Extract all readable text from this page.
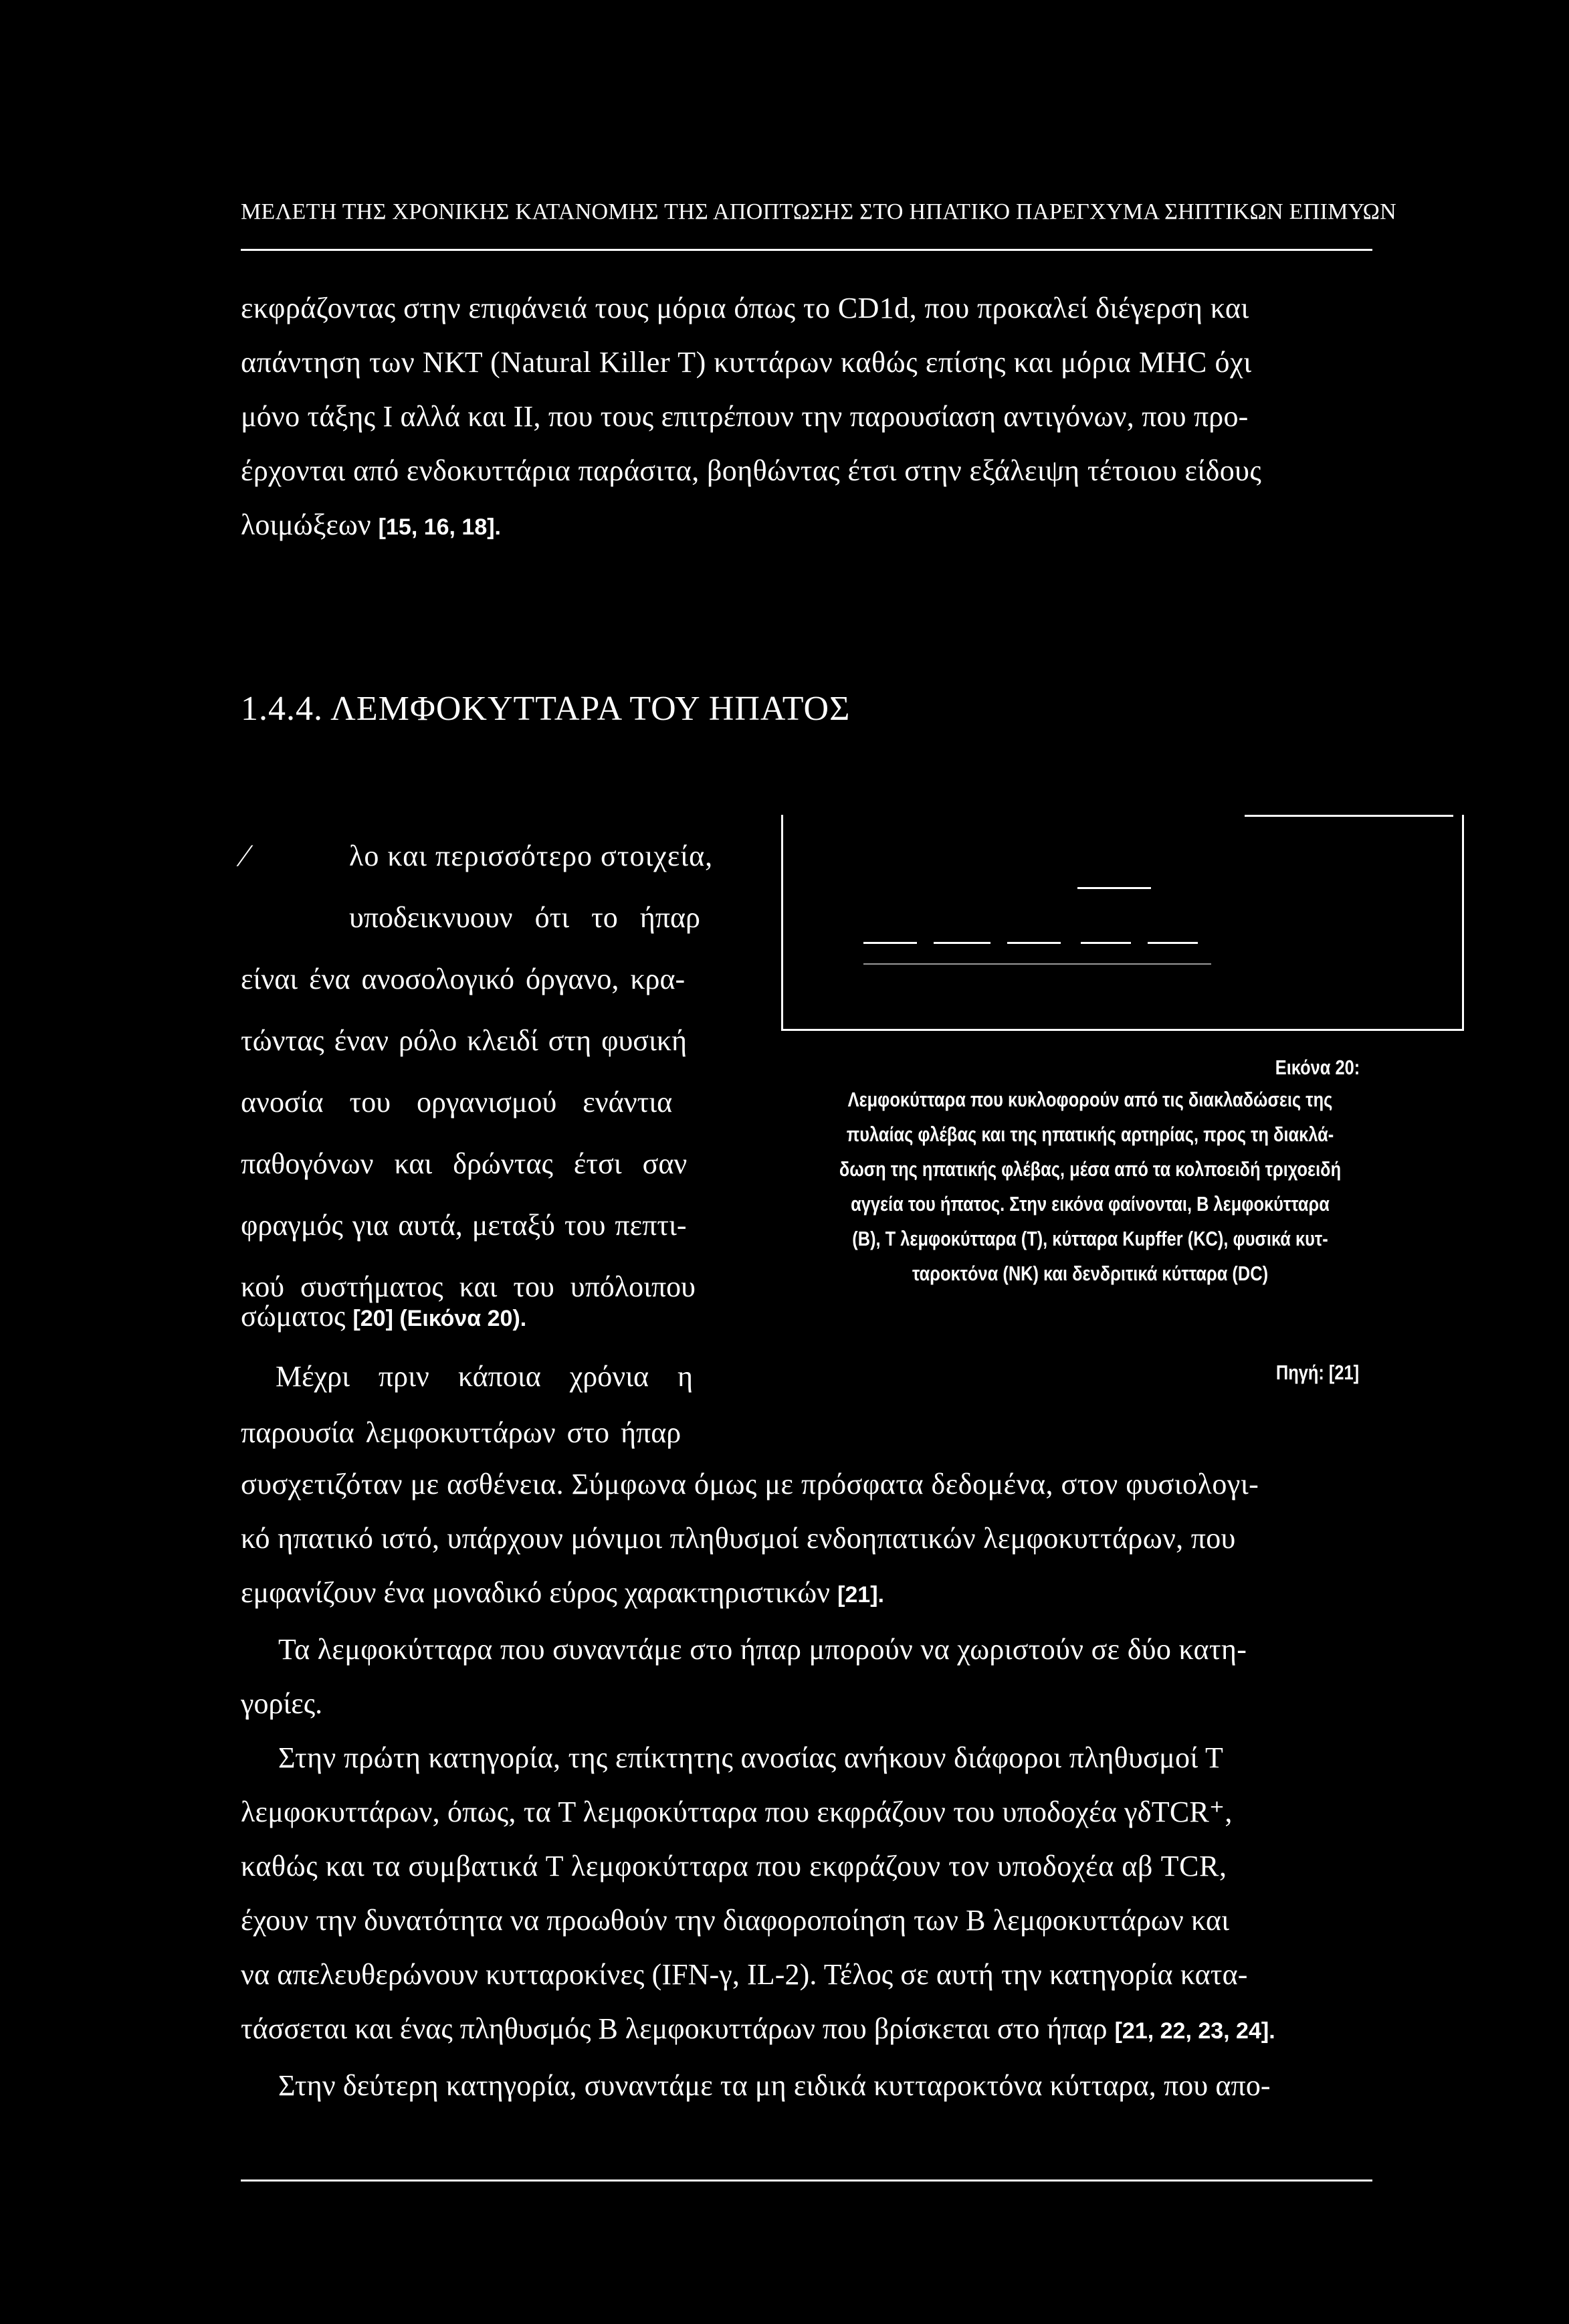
ΜΕΛΕΤΗ ΤΗΣ ΧΡΟΝΙΚΗΣ ΚΑΤΑΝΟΜΗΣ ΤΗΣ ΑΠΟΠΤΩΣΗΣ ΣΤΟ ΗΠΑΤΙΚΟ ΠΑΡΕΓΧΥΜΑ ΣΗΠΤΙΚΩΝ ΕΠΙΜΥΩΝ
εκφράζοντας στην επιφάνειά τους μόρια όπως το CD1d, που προκαλεί διέγερση και
απάντηση των ΝΚΤ (Natural Killer T) κυττάρων καθώς επίσης και μόρια MHC όχι
μόνο τάξης I αλλά και II, που τους επιτρέπουν την παρουσίαση αντιγόνων, που προ-
έρχονται από ενδοκυττάρια παράσιτα, βοηθώντας έτσι στην εξάλειψη τέτοιου είδους
λοιμώξεων [15, 16, 18].
1.4.4. ΛΕΜΦΟΚΥΤΤΑΡΑ ΤΟΥ ΗΠΑΤΟΣ
⁄	λο και περισσότερο στοιχεία,
υποδεικνυουν ότι το ήπαρ
είναι ένα ανοσολογικό όργανο, κρα-
τώντας έναν ρόλο κλειδί στη φυσική
ανοσία του οργανισμού ενάντια
παθογόνων και δρώντας έτσι σαν
φραγμός για αυτά, μεταξύ του πεπτι-
κού συστήματος και του υπόλοιπου
σώματος [20] (Εικόνα 20).
Μέχρι πριν κάποια χρόνια η
παρουσία λεμφοκυττάρων στο ήπαρ
Εικόνα 20:
Λεμφοκύτταρα που κυκλοφορούν από τις διακλαδώσεις της
πυλαίας φλέβας και της ηπατικής αρτηρίας, προς τη διακλά-
δωση της ηπατικής φλέβας, μέσα από τα κολποειδή τριχοειδή
αγγεία του ήπατος. Στην εικόνα φαίνονται, Β λεμφοκύτταρα
(Β), Τ λεμφοκύτταρα (Τ), κύτταρα Kupffer (KC), φυσικά κυτ-
ταροκτόνα (NK) και δενδριτικά κύτταρα (DC)
Πηγή: [21]
συσχετιζόταν με ασθένεια. Σύμφωνα όμως με πρόσφατα δεδομένα, στον φυσιολογι-
κό ηπατικό ιστό, υπάρχουν μόνιμοι πληθυσμοί ενδοηπατικών λεμφοκυττάρων, που
εμφανίζουν ένα μοναδικό εύρος χαρακτηριστικών [21].
Τα λεμφοκύτταρα που συναντάμε στο ήπαρ μπορούν να χωριστούν σε δύο κατη-
γορίες.
Στην πρώτη κατηγορία, της επίκτητης ανοσίας ανήκουν διάφοροι πληθυσμοί Τ
λεμφοκυττάρων, όπως, τα Τ λεμφοκύτταρα που εκφράζουν του υποδοχέα γδTCR⁺,
καθώς και τα συμβατικά Τ λεμφοκύτταρα που εκφράζουν τον υποδοχέα αβ TCR,
έχουν την δυνατότητα να προωθούν την διαφοροποίηση των Β λεμφοκυττάρων και
να απελευθερώνουν κυτταροκίνες (IFN-γ, IL-2). Τέλος σε αυτή την κατηγορία κατα-
τάσσεται και ένας πληθυσμός Β λεμφοκυττάρων που βρίσκεται στο ήπαρ [21, 22, 23, 24].
Στην δεύτερη κατηγορία, συναντάμε τα μη ειδικά κυτταροκτόνα κύτταρα, που απο-
